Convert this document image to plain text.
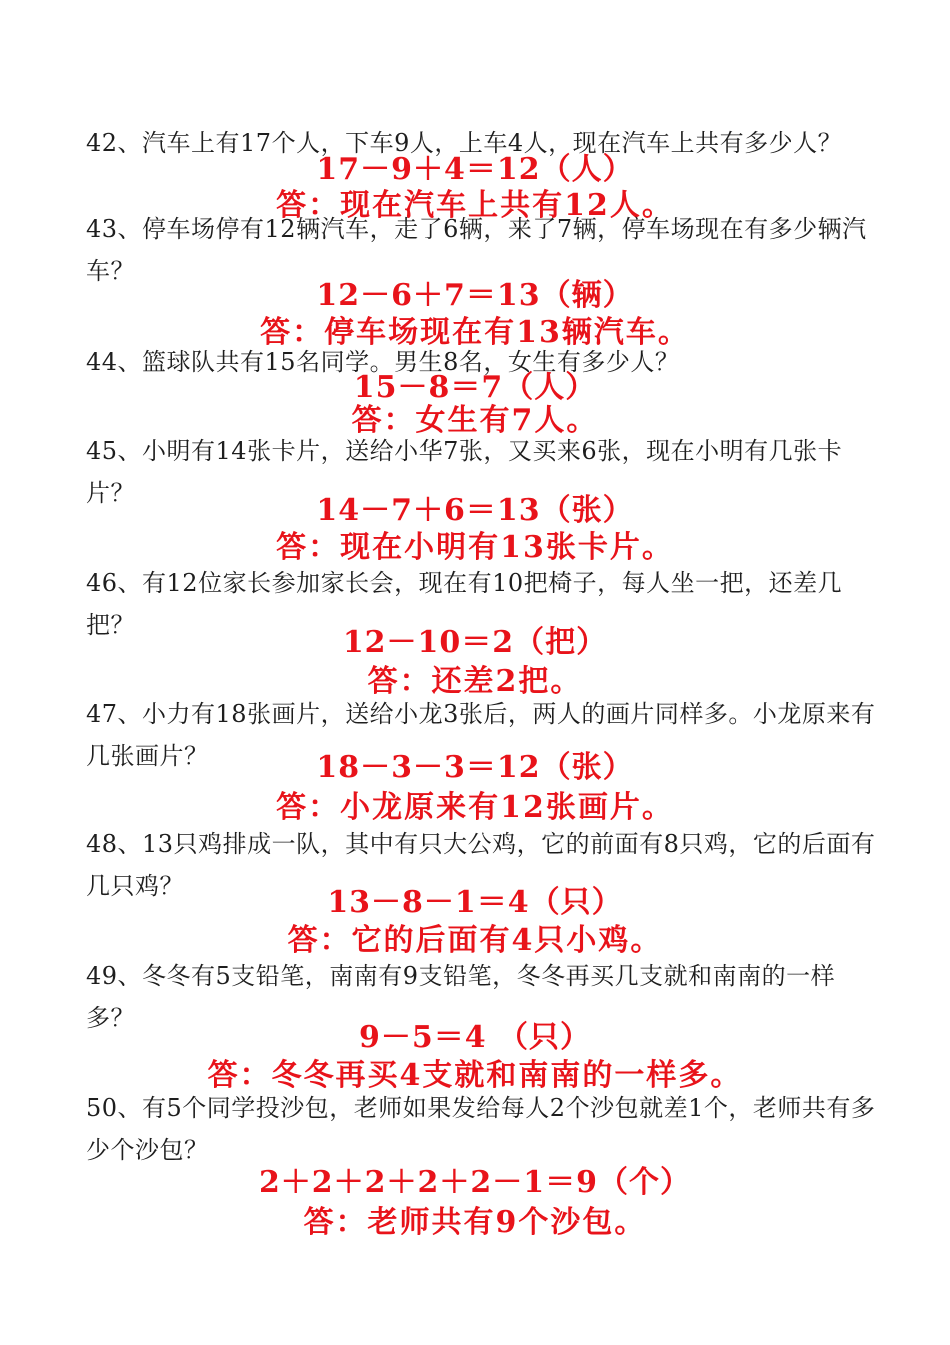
42、汽车上有17个人，下车9人，上车4人，现在汽车上共有多少人？
17－9＋4＝12（人）
答：现在汽车上共有12人。
43、停车场停有12辆汽车，走了6辆，来了7辆，停车场现在有多少辆汽车？
12－6＋7＝13（辆）
答：停车场现在有13辆汽车。
44、篮球队共有15名同学。男生8名，女生有多少人？
15－8＝7（人）
答：女生有7人。
45、小明有14张卡片，送给小华7张，又买来6张，现在小明有几张卡片？	14－7＋6＝13（张）
答：现在小明有13张卡片。
46、有12位家长参加家长会，现在有10把椅子，每人坐一把，还差几把？	12－10＝2（把）
答：还差2把。
47、小力有18张画片，送给小龙3张后，两人的画片同样多。小龙原来有几张画片？	18－3－3＝12（张）
答：小龙原来有12张画片。
48、13只鸡排成一队，其中有只大公鸡，它的前面有8只鸡，它的后面有几只鸡？	13－8－1＝4（只）
答：它的后面有4只小鸡。
49、冬冬有5支铅笔，南南有9支铅笔，冬冬再买几支就和南南的一样多？
9－5＝4 （只）
答：冬冬再买4支就和南南的一样多。
50、有5个同学投沙包，老师如果发给每人2个沙包就差1个，老师共有多少个沙包？
2＋2＋2＋2＋2－1＝9（个）
答：老师共有9个沙包。
